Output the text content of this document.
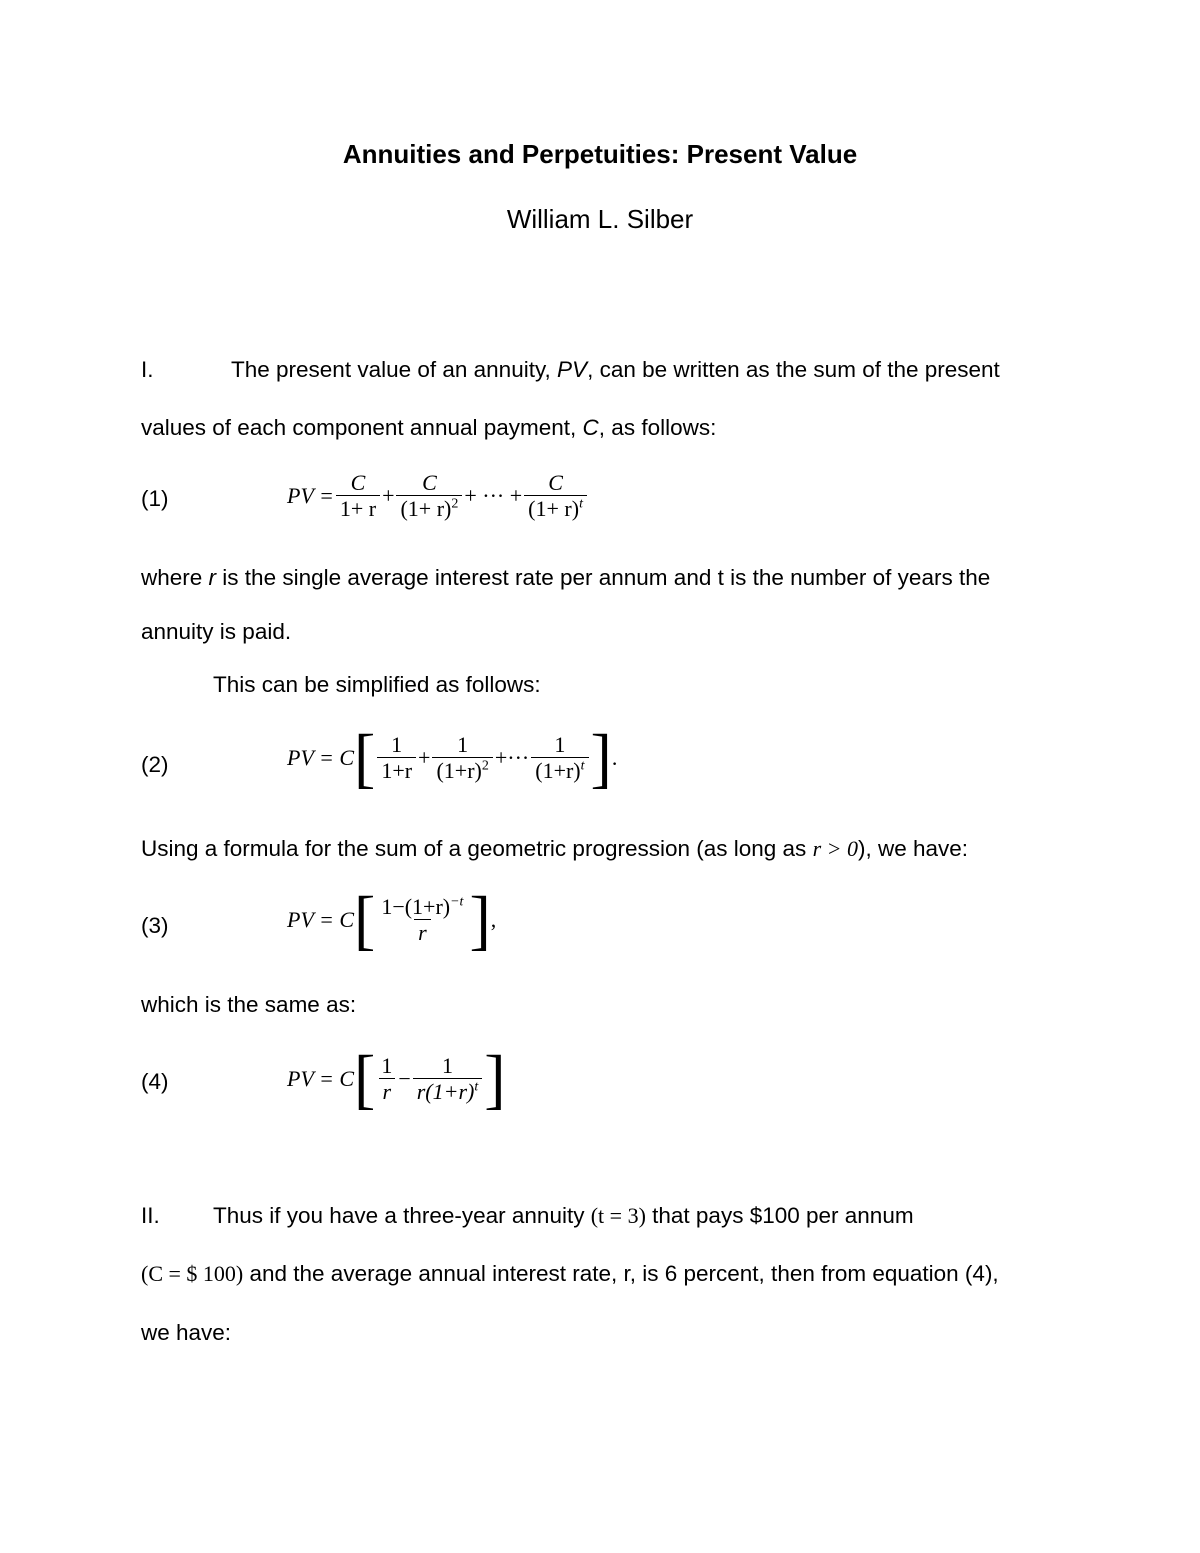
Annuities and Perpetuities: Present Value
William L. Silber
I.	The present value of an annuity, PV, can be written as the sum of the present
values of each component annual payment, C, as follows:
(1)	PV = $\frac{C}{1+ r} + \frac{C}{(1+ r)^2}$ + ··· + $\frac{C}{(1+ r)^t}$
where r is the single average interest rate per annum and t is the number of years the
annuity is paid.
This can be simplified as follows:
(2)	PV = C [ $\frac{1}{1+r} + \frac{1}{(1+r)^2}$ +··· $\frac{1}{(1+r)^t}$ ] .
Using a formula for the sum of a geometric progression (as long as r > 0), we have:
(3)	PV = C [ $\frac{1-(1+r)^{-t}}{r}$ ] ,
which is the same as:
(4)	PV = C [ $\frac{1}{r} - \frac{1}{r(1+r)^t}$ ]
II. Thus if you have a three-year annuity (t = 3) that pays $100 per annum
(C = $ 100) and the average annual interest rate, r, is 6 percent, then from equation (4),
we have:
